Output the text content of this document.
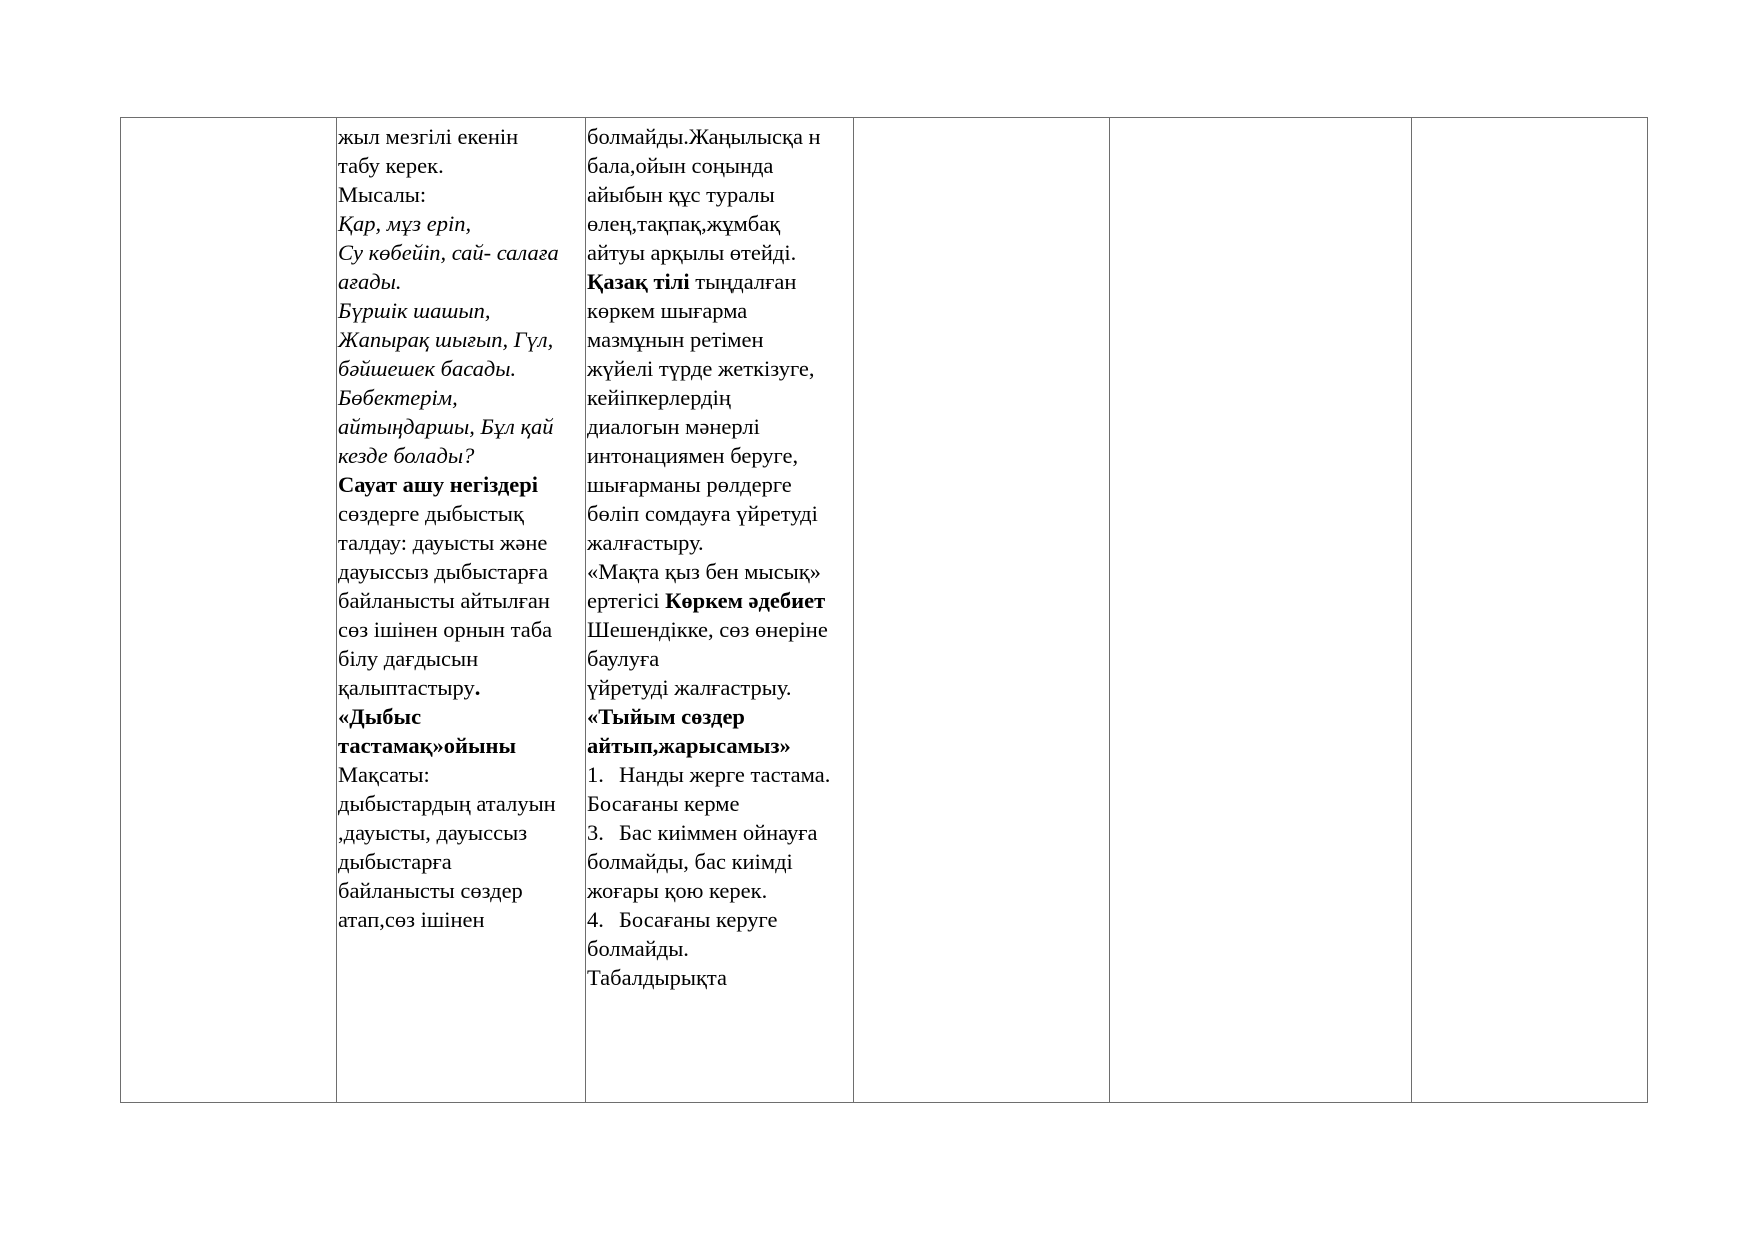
жыл мезгілі екенін
табу керек.
Мысалы:
Қар, мұз еріп,
Су көбейіп, сай- салаға
ағады.
Бүршік шашып,
Жапырақ шығып, Гүл,
бәйшешек басады.
Бөбектерім,
айтыңдаршы, Бұл қай
кезде болады?
Сауат ашу негіздері
сөздерге дыбыстық
талдау: дауысты және
дауыссыз дыбыстарға
байланысты айтылған
сөз ішінен орнын таба
білу дағдысын
қалыптастыру.
«Дыбыс
тастамақ»ойыны
Мақсаты:
дыбыстардың аталуын
,дауысты, дауыссыз
дыбыстарға
байланысты сөздер
атап,сөз ішінен

болмайды.Жаңылысқа н
бала,ойын соңында
айыбын құс туралы
өлең,тақпақ,жұмбақ
айтуы арқылы өтейді.
Қазақ тілі тыңдалған
көркем шығарма
мазмұнын ретімен
жүйелі түрде жеткізуге,
кейіпкерлердің
диалогын мәнерлі
интонациямен беруге,
шығарманы рөлдерге
бөліп сомдауға үйретуді
жалғастыру.
«Мақта қыз бен мысық»
ертегісі Көркем әдебиет
Шешендікке, сөз өнеріне
баулуға
үйретуді жалғастрыу.
«Тыйым сөздер
айтып,жарысамыз»
1. Нанды жерге тастама.
Босағаны керме
3. Бас киіммен ойнауға
болмайды, бас киімді
жоғары қою керек.
4. Босағаны керуге
болмайды.
Табалдырықта
